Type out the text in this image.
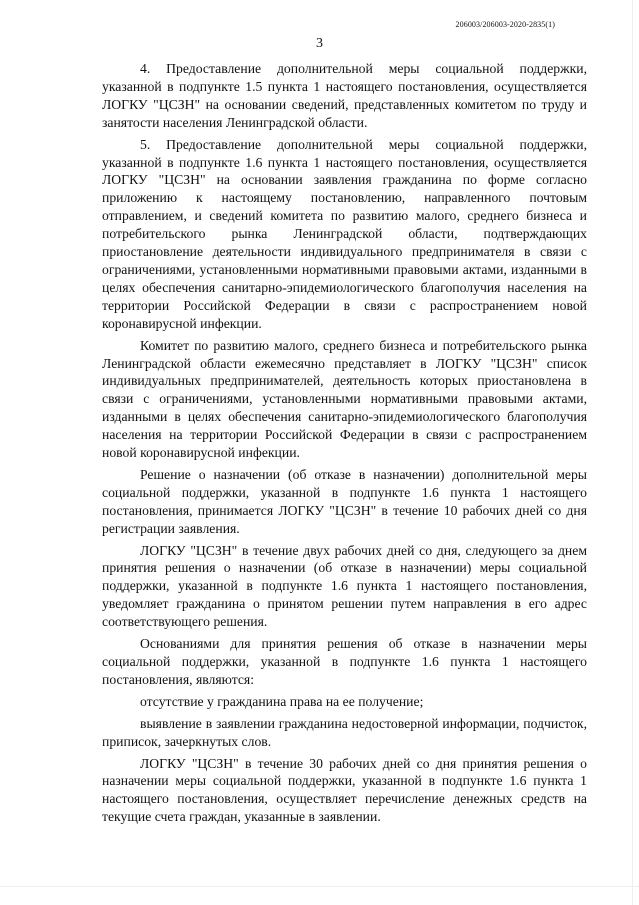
206003/206003-2020-2835(1)
3

4. Предоставление дополнительной меры социальной поддержки, указанной в подпункте 1.5 пункта 1 настоящего постановления, осуществляется ЛОГКУ "ЦСЗН" на основании сведений, представленных комитетом по труду и занятости населения Ленинградской области.

5. Предоставление дополнительной меры социальной поддержки, указанной в подпункте 1.6 пункта 1 настоящего постановления, осуществляется ЛОГКУ "ЦСЗН" на основании заявления гражданина по форме согласно приложению к настоящему постановлению, направленного почтовым отправлением, и сведений комитета по развитию малого, среднего бизнеса и потребительского рынка Ленинградской области, подтверждающих приостановление деятельности индивидуального предпринимателя в связи с ограничениями, установленными нормативными правовыми актами, изданными в целях обеспечения санитарно-эпидемиологического благополучия населения на территории Российской Федерации в связи с распространением новой коронавирусной инфекции.

Комитет по развитию малого, среднего бизнеса и потребительского рынка Ленинградской области ежемесячно представляет в ЛОГКУ "ЦСЗН" список индивидуальных предпринимателей, деятельность которых приостановлена в связи с ограничениями, установленными нормативными правовыми актами, изданными в целях обеспечения санитарно-эпидемиологического благополучия населения на территории Российской Федерации в связи с распространением новой коронавирусной инфекции.

Решение о назначении (об отказе в назначении) дополнительной меры социальной поддержки, указанной в подпункте 1.6 пункта 1 настоящего постановления, принимается ЛОГКУ "ЦСЗН" в течение 10 рабочих дней со дня регистрации заявления.

ЛОГКУ "ЦСЗН" в течение двух рабочих дней со дня, следующего за днем принятия решения о назначении (об отказе в назначении) меры социальной поддержки, указанной в подпункте 1.6 пункта 1 настоящего постановления, уведомляет гражданина о принятом решении путем направления в его адрес соответствующего решения.

Основаниями для принятия решения об отказе в назначении меры социальной поддержки, указанной в подпункте 1.6 пункта 1 настоящего постановления, являются:

отсутствие у гражданина права на ее получение;

выявление в заявлении гражданина недостоверной информации, подчисток, приписок, зачеркнутых слов.

ЛОГКУ "ЦСЗН" в течение 30 рабочих дней со дня принятия решения о назначении меры социальной поддержки, указанной в подпункте 1.6 пункта 1 настоящего постановления, осуществляет перечисление денежных средств на текущие счета граждан, указанные в заявлении.
